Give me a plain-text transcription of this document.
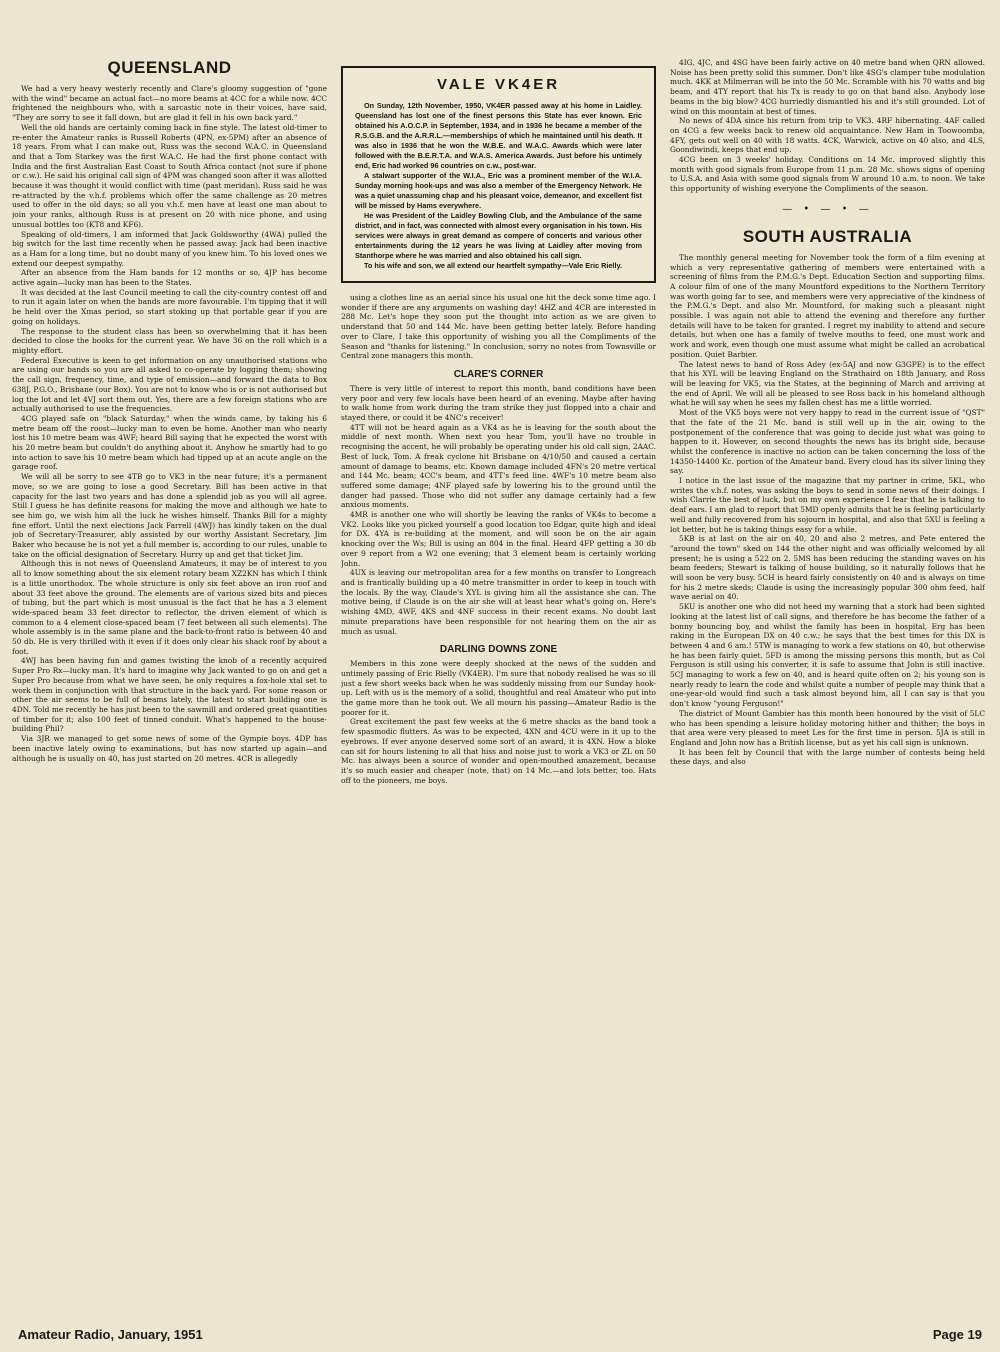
QUEENSLAND

We had a very heavy westerly recently and Clare's gloomy suggestion of "gone with the wind" became an actual fact—no more beams at 4CC for a while now. 4CC frightened the neighbours who, with a sarcastic note in their voices, have said, "They are sorry to see it fall down, but are glad it fell in his own back yard."

Well the old hands are certainly coming back in fine style. The latest old-timer to re-enter the Amateur ranks is Russell Roberts (4PN, ex-5PM) after an absence of 18 years. From what I can make out, Russ was the second W.A.C. in Queensland and that a Tom Starkey was the first W.A.C. He had the first phone contact with India and the first Australian East Coast to South Africa contact (not sure if phone or c.w.). He said his original call sign of 4PM was changed soon after it was allotted because it was thought it would conflict with time (past meridan). Russ said he was re-attracted by the v.h.f. problems which offer the same challenge as 20 metres used to offer in the old days; so all you v.h.f. men have at least one man about to join your ranks, although Russ is at present on 20 with nice phone, and using unusual bottles too (KT8 and KF6).

Speaking of old-timers, I am informed that Jack Goldsworthy (4WA) pulled the big switch for the last time recently when he passed away. Jack had been inactive as a Ham for a long time, but no doubt many of you knew him. To his loved ones we extend our deepest sympathy.

After an absence from the Ham bands for 12 months or so, 4JP has become active again—lucky man has been to the States.

It was decided at the last Council meeting to call the city-country contest off and to run it again later on when the bands are more favourable. I'm tipping that it will be held over the Xmas period, so start stoking up that portable gear if you are going on holidays.

The response to the student class has been so overwhelming that it has been decided to close the books for the current year. We have 36 on the roll which is a mighty effort.

Federal Executive is keen to get information on any unauthorised stations who are using our bands so you are all asked to co-operate by logging them; showing the call sign, frequency, time, and type of emission—and forward the data to Box 638J, P.G.O., Brisbane (our Box). You are not to know who is or is not authorised but log the lot and let 4VJ sort them out. Yes, there are a few foreign stations who are actually authorised to use the frequencies.

4CG played safe on "black Saturday," when the winds came, by taking his 6 metre beam off the roost—lucky man to even be home. Another man who nearly lost his 10 metre beam was 4WF; heard Bill saying that he expected the worst with his 20 metre beam but couldn't do anything about it. Anyhow he smartly had to go into action to save his 10 metre beam which had tipped up at an acute angle on the garage roof.

We will all be sorry to see 4TB go to VK3 in the near future; it's a permanent move, so we are going to lose a good Secretary. Bill has been active in that capacity for the last two years and has done a splendid job as you will all agree. Still I guess he has definite reasons for making the move and although we hate to see him go, we wish him all the luck he wishes himself. Thanks Bill for a mighty fine effort. Until the next elections Jack Farrell (4WJ) has kindly taken on the dual job of Secretary-Treasurer, ably assisted by our worthy Assistant Secretary, Jim Baker who because he is not yet a full member is, according to our rules, unable to take on the official designation of Secretary. Hurry up and get that ticket Jim.

Although this is not news of Queensland Amateurs, it may be of interest to you all to know something about the six element rotary beam XZ2KN has which I think is a little unorthodox. The whole structure is only six feet above an iron roof and about 33 feet above the ground. The elements are of various sized bits and pieces of tubing, but the part which is most unusual is the fact that he has a 3 element wide-spaced beam 33 feet director to reflector, the driven element of which is common to a 4 element close-spaced beam (7 feet between all such elements). The whole assembly is in the same plane and the back-to-front ratio is between 40 and 50 db. He is very thrilled with it even if it does only clear his shack roof by about a foot.

4WJ has been having fun and games twisting the knob of a recently acquired Super Pro Rx—lucky man. It's hard to imagine why Jack wanted to go on and get a Super Pro because from what we have seen, he only requires a fox-hole xtal set to work them in conjunction with that structure in the back yard. For some reason or other the air seems to be full of beams lately, the latest to start building one is 4DN. Told me recently he has just been to the sawmill and ordered great quantities of timber for it; also 100 feet of tinned conduit. What's happened to the house-building Phil?

Via 3JR we managed to get some news of some of the Gympie boys. 4DP has been inactive lately owing to examinations, but has now started up again—and although he is usually on 40, has just started on 20 metres. 4CR is allegedly

VALE VK4ER

On Sunday, 12th November, 1950, VK4ER passed away at his home in Laidley. Queensland has lost one of the finest persons this State has ever known. Eric obtained his A.O.C.P. in September, 1934, and in 1936 he became a member of the R.S.G.B. and the A.R.R.L.—memberships of which he maintained until his death. It was also in 1936 that he won the W.B.E. and W.A.C. Awards which were later followed with the B.E.R.T.A. and W.A.S. America Awards. Just before his untimely end, Eric had worked 96 countries on c.w., post-war.

A stalwart supporter of the W.I.A., Eric was a prominent member of the W.I.A. Sunday morning hook-ups and was also a member of the Emergency Network. He was a quiet unassuming chap and his pleasant voice, demeanor, and excellent fist will be missed by Hams everywhere.

He was President of the Laidley Bowling Club, and the Ambulance of the same district, and in fact, was connected with almost every organisation in his town. His services were always in great demand as compere of concerts and various other entertainments during the 12 years he was living at Laidley after moving from Stanthorpe where he was married and also obtained his call sign.

To his wife and son, we all extend our heartfelt sympathy—Vale Eric Rielly.

using a clothes line as an aerial since his usual one hit the deck some time ago. I wonder if there are any arguments on washing day! 4HZ and 4CR are interested in 288 Mc. Let's hope they soon put the thought into action as we are given to understand that 50 and 144 Mc. have been getting better lately. Before handing over to Clare, I take this opportunity of wishing you all the Compliments of the Season and "thanks for listening." In conclusion, sorry no notes from Townsville or Central zone managers this month.

CLARE'S CORNER

There is very little of interest to report this month, band conditions have been very poor and very few locals have been heard of an evening. Maybe after having to walk home from work during the tram strike they just flopped into a chair and stayed there, or could it be 4NC's receiver!

4TT will not be heard again as a VK4 as he is leaving for the south about the middle of next month. When next you hear Tom, you'll have no trouble in recognising the accent, he will probably be operating under his old call sign, 2AAC. Best of luck, Tom. A freak cyclone hit Brisbane on 4/10/50 and caused a certain amount of damage to beams, etc. Known damage included 4FN's 20 metre vertical and 144 Mc. beam; 4CC's beam, and 4TT's feed line. 4WF's 10 metre beam also suffered some damage; 4NF played safe by lowering his to the ground until the danger had passed. Those who did not suffer any damage certainly had a few anxious moments.

4MR is another one who will shortly be leaving the ranks of VK4s to become a VK2. Looks like you picked yourself a good location too Edgar, quite high and ideal for DX. 4YA is re-building at the moment, and will soon be on the air again knocking over the Ws; Bill is using an 804 in the final. Heard 4FP getting a 30 db over 9 report from a W2 one evening; that 3 element beam is certainly working John.

4UX is leaving our metropolitan area for a few months on transfer to Longreach and is frantically building up a 40 metre transmitter in order to keep in touch with the locals. By the way, Claude's XYL is giving him all the assistance she can. The motive being, if Claude is on the air she will at least hear what's going on. Here's wishing 4MD, 4WF, 4KS and 4NF success in their recent exams. No doubt last minute preparations have been responsible for not hearing them on the air as much as usual.

DARLING DOWNS ZONE

Members in this zone were deeply shocked at the news of the sudden and untimely passing of Eric Rielly (VK4ER). I'm sure that nobody realised he was so ill just a few short weeks back when he was suddenly missing from our Sunday hook-up. Left with us is the memory of a solid, thoughtful and real Amateur who put into the game more than he took out. We all mourn his passing—Amateur Radio is the poorer for it.

Great excitement the past few weeks at the 6 metre shacks as the band took a few spasmodic flutters. As was to be expected, 4XN and 4CU were in it up to the eyebrows. If ever anyone deserved some sort of an award, it is 4XN. How a bloke can sit for hours listening to all that hiss and noise just to work a VK3 or ZL on 50 Mc. has always been a source of wonder and open-mouthed amazement, because it's so much easier and cheaper (note, that) on 14 Mc.—and lots better, too. Hats off to the pioneers, me boys.

4IG, 4JC, and 4SG have been fairly active on 40 metre band when QRN allowed. Noise has been pretty solid this summer. Don't like 4SG's clamper tube modulation much. 4KK at Milmerran will be into the 50 Mc. Scramble with his 70 watts and big beam, and 4TY report that his Tx is ready to go on that band also. Anybody lose beams in the big blow? 4CG hurriedly dismantled his and it's still grounded. Lot of wind on this mountain at best of times.

No news of 4DA since his return from trip to VK3. 4RF hibernating. 4AF called on 4CG a few weeks back to renew old acquaintance. New Ham in Toowoomba, 4FY, gets out well on 40 with 18 watts. 4CK, Warwick, active on 40 also, and 4LS, Goondiwindi, keeps that end up.

4CG been on 3 weeks' holiday. Conditions on 14 Mc. improved slightly this month with good signals from Europe from 11 p.m. 28 Mc. shows signs of opening to U.S.A. and Asia with some good signals from W around 10 a.m. to noon. We take this opportunity of wishing everyone the Compliments of the season.

— • — • —
SOUTH AUSTRALIA

The monthly general meeting for November took the form of a film evening at which a very representative gathering of members were entertained with a screening of films from the P.M.G.'s Dept. Education Section and supporting films. A colour film of one of the many Mountford expeditions to the Northern Territory was worth going far to see, and members were very appreciative of the kindness of the P.M.G.'s Dept. and also Mr. Mountford, for making such a pleasant night possible. I was again not able to attend the evening and therefore any further details will have to be taken for granted. I regret my inability to attend and secure details, but when one has a family of twelve mouths to feed, one must work and work and work, even though one must assume what might be called an acrobatical position. Quiet Barbier.

The latest news to hand of Ross Adey (ex-5AJ and now G3GPE) is to the effect that his XYL will be leaving England on the Strathaird on 18th January, and Ross will be leaving for VK5, via the States, at the beginning of March and arriving at the end of April. We will all be pleased to see Ross back in his homeland although what he will say when he sees my fallen chest has me a little worried.

Most of the VK5 boys were not very happy to read in the current issue of "QST" that the fate of the 21 Mc. band is still well up in the air, owing to the postponement of the conference that was going to decide just what was going to happen to it. However, on second thoughts the news has its bright side, because whilst the conference is inactive no action can be taken concerning the loss of the 14350-14400 Kc. portion of the Amateur band. Every cloud has its silver lining they say.

I notice in the last issue of the magazine that my partner in crime, 5KL, who writes the v.h.f. notes, was asking the boys to send in some news of their doings. I wish Clarrie the best of luck, but on my own experience I fear that he is talking to deaf ears. I am glad to report that 5MD openly admits that he is feeling particularly well and fully recovered from his sojourn in hospital, and also that 5XU is feeling a lot better, but he is taking things easy for a while.

5KB is at last on the air on 40, 20 and also 2 metres, and Pete entered the "around the town" sked on 144 the other night and was officially welcomed by all present; he is using a 522 on 2. 5MS has been reducing the standing waves on his beam feeders; Stewart is talking of house building, so it naturally follows that he will soon be very busy. 5CH is heard fairly consistently on 40 and is always on time for his 2 metre skeds; Claude is using the increasingly popular 300 ohm feed, half wave aerial on 40.

5KU is another one who did not heed my warning that a stork had been sighted looking at the latest list of call signs, and therefore he has become the father of a bonny bouncing boy, and whilst the family has been in hospital, Erg has been raking in the European DX on 40 c.w.; he says that the best times for this DX is between 4 and 6 am.! 5TW is managing to work a few stations on 40, but otherwise he has been fairly quiet. 5FD is among the missing persons this month, but as Col Ferguson is still using his converter, it is safe to assume that John is still inactive. 5CJ managing to work a few on 40, and is heard quite often on 2; his young son is nearly ready to learn the code and whilst quite a number of people may think that a one-year-old would find such a task almost beyond him, all I can say is that you don't know "young Ferguson!"

The district of Mount Gambier has this month been honoured by the visit of 5LC who has been spending a leisure holiday motoring hither and thither; the boys in that area were very pleased to meet Les for the first time in person. 5JA is still in England and John now has a British license, but as yet his call sign is unknown.

It has been felt by Council that with the large number of contests being held these days, and also

Amateur Radio, January, 1951	Page 19
